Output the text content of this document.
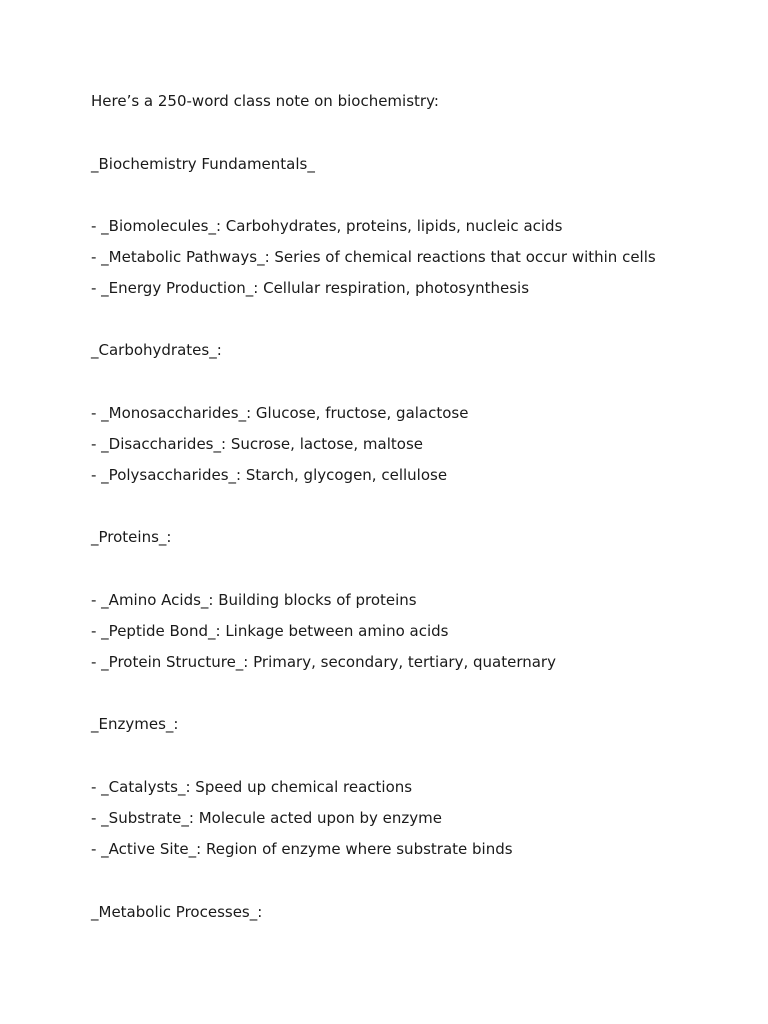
Here’s a 250-word class note on biochemistry:

_Biochemistry Fundamentals_

- _Biomolecules_: Carbohydrates, proteins, lipids, nucleic acids

- _Metabolic Pathways_: Series of chemical reactions that occur within cells

- _Energy Production_: Cellular respiration, photosynthesis

_Carbohydrates_:

- _Monosaccharides_: Glucose, fructose, galactose

- _Disaccharides_: Sucrose, lactose, maltose

- _Polysaccharides_: Starch, glycogen, cellulose

_Proteins_:

- _Amino Acids_: Building blocks of proteins

- _Peptide Bond_: Linkage between amino acids

- _Protein Structure_: Primary, secondary, tertiary, quaternary

_Enzymes_:

- _Catalysts_: Speed up chemical reactions

- _Substrate_: Molecule acted upon by enzyme

- _Active Site_: Region of enzyme where substrate binds

_Metabolic Processes_:
